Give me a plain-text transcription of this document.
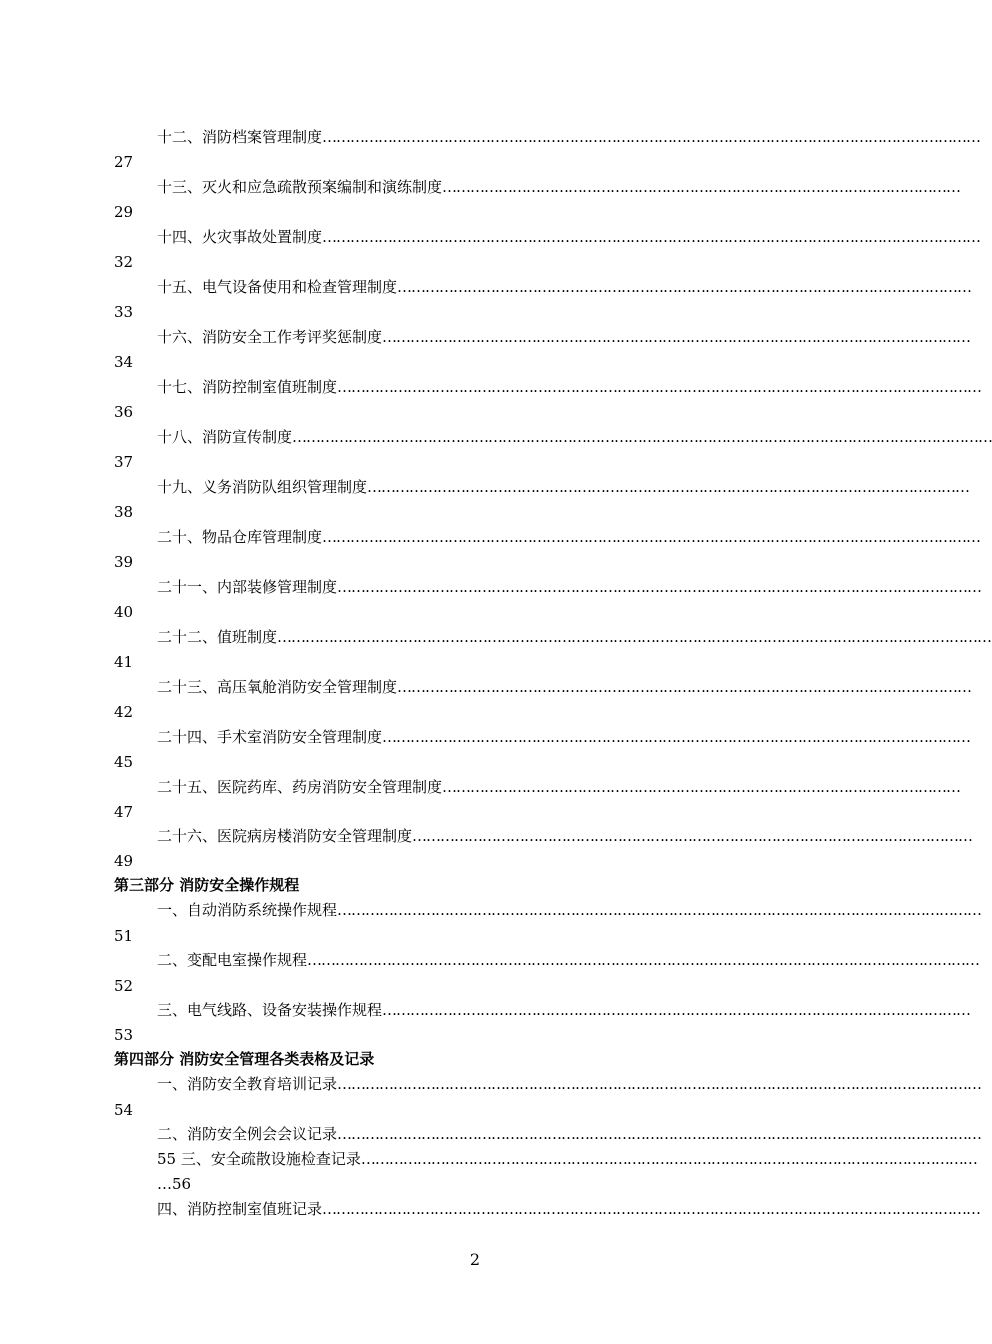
十二、消防档案管理制度 ……………………………………………………………………………………………………………………………
27
十三、灭火和应急疏散预案编制和演练制度 …………………………………………………………………………………………………
29
十四、火灾事故处置制度 ……………………………………………………………………………………………………………………………
32
十五、电气设备使用和检查管理制度 ……………………………………………………………………………………………………………
33
十六、消防安全工作考评奖惩制度 ………………………………………………………………………………………………………………
34
十七、消防控制室值班制度 …………………………………………………………………………………………………………………………
36
十八、消防宣传制度 ……………………………………………………………………………………………………………………………………
37
十九、义务消防队组织管理制度 …………………………………………………………………………………………………………………
38
二十、物品仓库管理制度 ……………………………………………………………………………………………………………………………
39
二十一、内部装修管理制度 …………………………………………………………………………………………………………………………
40
二十二、值班制度 ………………………………………………………………………………………………………………………………………
41
二十三、高压氧舱消防安全管理制度 ……………………………………………………………………………………………………………
42
二十四、手术室消防安全管理制度 ………………………………………………………………………………………………………………
45
二十五、医院药库、药房消防安全管理制度 …………………………………………………………………………………………………
47
二十六、医院病房楼消防安全管理制度 …………………………………………………………………………………………………………
49
第三部分 消防安全操作规程
一、自动消防系统操作规程 …………………………………………………………………………………………………………………………
51
二、变配电室操作规程 ………………………………………………………………………………………………………………………………
52
三、电气线路、设备安装操作规程 ………………………………………………………………………………………………………………
53
第四部分 消防安全管理各类表格及记录
一、消防安全教育培训记录 …………………………………………………………………………………………………………………………
54
二、消防安全例会会议记录 …………………………………………………………………………………………………………………………
55 三、安全疏散设施检查记录 ……………………………………………………………………………………………………………………
…56
四、消防控制室值班记录 ……………………………………………………………………………………………………………………………
2
